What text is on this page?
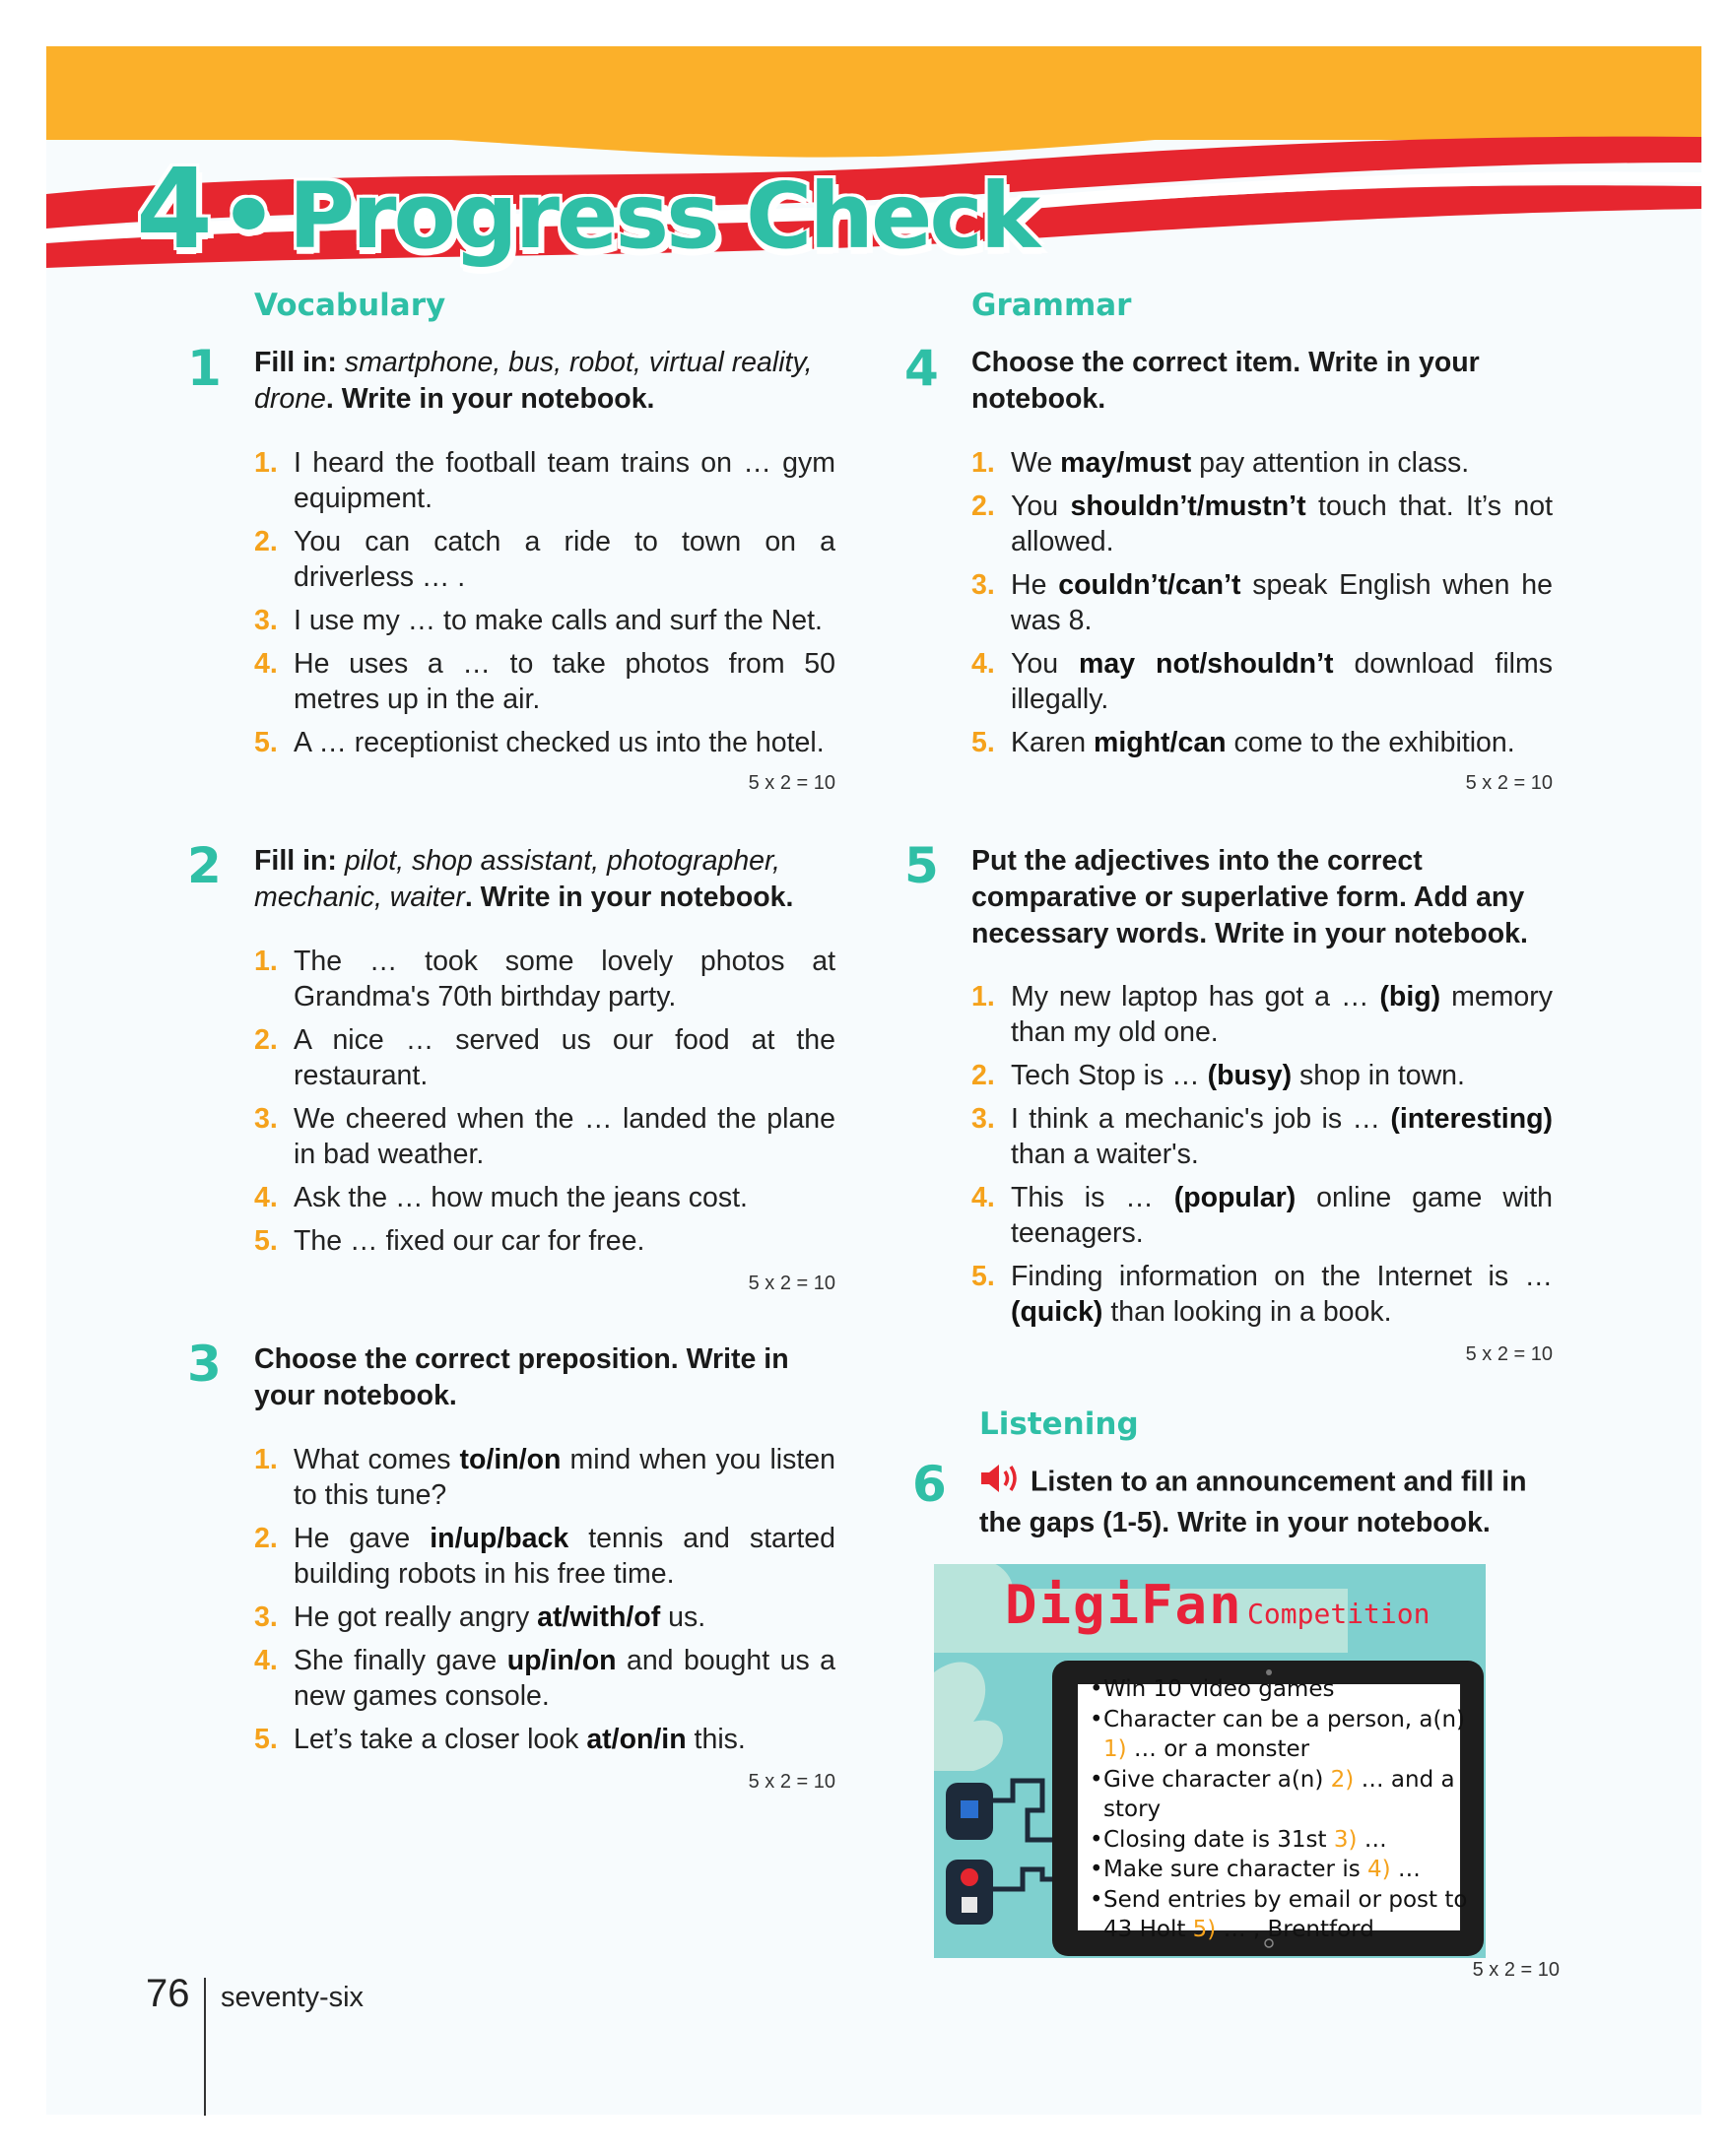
4 • Progress Check
Vocabulary
1 Fill in: smartphone, bus, robot, virtual reality, drone. Write in your notebook.
1. I heard the football team trains on … gym equipment.
2. You can catch a ride to town on a driverless … .
3. I use my … to make calls and surf the Net.
4. He uses a … to take photos from 50 metres up in the air.
5. A … receptionist checked us into the hotel.
5 x 2 = 10
2 Fill in: pilot, shop assistant, photographer, mechanic, waiter. Write in your notebook.
1. The … took some lovely photos at Grandma's 70th birthday party.
2. A nice … served us our food at the restaurant.
3. We cheered when the … landed the plane in bad weather.
4. Ask the … how much the jeans cost.
5. The … fixed our car for free.
5 x 2 = 10
3 Choose the correct preposition. Write in your notebook.
1. What comes to/in/on mind when you listen to this tune?
2. He gave in/up/back tennis and started building robots in his free time.
3. He got really angry at/with/of us.
4. She finally gave up/in/on and bought us a new games console.
5. Let’s take a closer look at/on/in this.
5 x 2 = 10
Grammar
4 Choose the correct item. Write in your notebook.
1. We may/must pay attention in class.
2. You shouldn’t/mustn’t touch that. It’s not allowed.
3. He couldn’t/can’t speak English when he was 8.
4. You may not/shouldn’t download films illegally.
5. Karen might/can come to the exhibition.
5 x 2 = 10
5 Put the adjectives into the correct comparative or superlative form. Add any necessary words. Write in your notebook.
1. My new laptop has got a … (big) memory than my old one.
2. Tech Stop is … (busy) shop in town.
3. I think a mechanic's job is … (interesting) than a waiter's.
4. This is … (popular) online game with teenagers.
5. Finding information on the Internet is … (quick) than looking in a book.
5 x 2 = 10
Listening
6	Listen to an announcement and fill in the gaps (1-5). Write in your notebook.
DigiFan Competition
• Win 10 video games
• Character can be a person, a(n) 1) … or a monster
• Give character a(n) 2) … and a story
• Closing date is 31st 3) …
• Make sure character is 4) …
• Send entries by email or post to 43 Holt 5) … , Brentford
5 x 2 = 10
76 seventy-six
